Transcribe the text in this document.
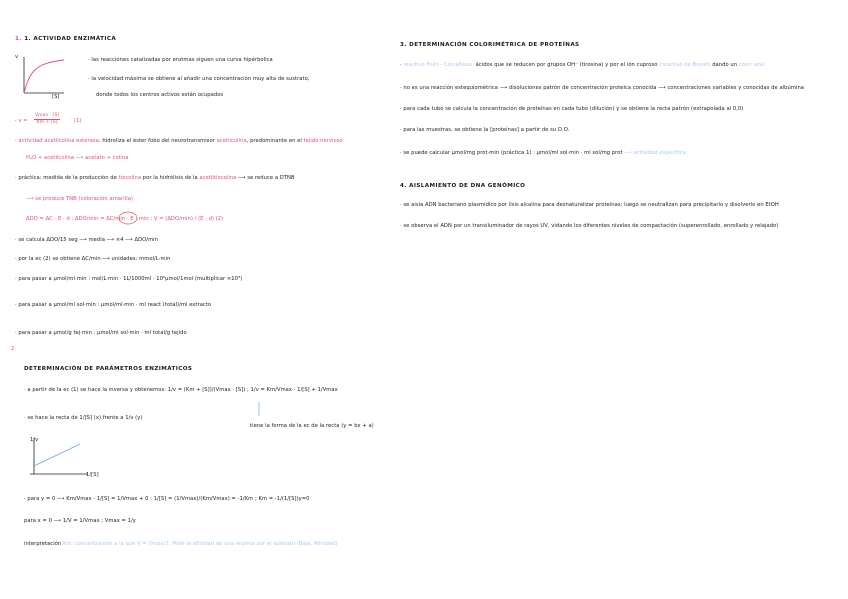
1. 1. ACTIVIDAD ENZIMÁTICA
v
[S]
· las reacciones catalizadas por enzimas siguen una curva hipérbolica
· la velocidad máxima se obtiene al añadir una concentración muy alta de sustrato,
donde todos los centros activos están ocupados
· v =
Vmax · [S]
Km + [S]	(1)
· actividad acetilcolina esterasa: hidroliza el éster fobo del neurotransmisor acetilcolina, predominante en el tejido nervioso
H₂O + acetilcolina ⟶ acetato + colina
· práctica: medida de la producción de tiocolina por la hidrólisis de la acetiltiocolina ⟶ se reduce a DTNB
⟶ se produce TNB (coloración amarilla)
ΔDO = ΔC · E · d ; ΔDO/min = ΔC/min · E · mín ; V = (ΔDO/min) / (E · d) (2)
· se calcula ΔDO/15 seg ⟶ media ⟶ ×4 ⟶ ΔDO/min
· por la ec (2) se obtiene ΔC/min ⟶ unidades: mmol/L·min
· para pasar a µmol/ml·min : mol/L·min · 1L/1000ml · 10⁶µmol/1mol (multiplicar ×10³)
· para pasar a µmol/ml sol·min : µmol/ml·min · ml react (total)/ml extracto
· para pasar a µmol/g tej·min : µmol/ml sol·min · ml total/g tejido
2.
DETERMINACIÓN DE PARÁMETROS ENZIMÁTICOS
· a partir de la ec (1) se hace la inversa y obtenemos: 1/v = (Km + [S])/(Vmax · [S]) ; 1/v = Km/Vmax · 1/[S] + 1/Vmax
tiene la forma de la ec de la recta (y = bx + a)
· se hace la recta de 1/[S] (x) frente a 1/v (y)
1/v
1/[S]
· para y = 0 ⟶ Km/Vmax · 1/[S] = 1/Vmax + 0 ; 1/[S] = (1/Vmax)/(Km/Vmax) = -1/Km ; Km = -1/(1/[S])y=0
para x = 0 ⟶ 1/V = 1/Vmax ; Vmax = 1/y
interpretación Km: concentración a la que V = Vmax/2. Mide la afinidad de una enzima por el sustrato (Baja, Afinidad)
3. DETERMINACIÓN COLORIMÉTRICA DE PROTEÍNAS
· reactivo Folin - Ciocalteau: ácidos que se reducen por grupos OH⁻ (tirosina) y por el ión cuproso (reactivo de Biuret) dando un color azul
· no es una reacción estequiométrica ⟶ disoluciones patrón de concentración proteica conocida ⟶ concentraciones variables y conocidas de albúmina
· para cada tubo se calcula la concentración de proteínas en cada tubo (dilución) y se obtiene la recta patrón (extrapolada al 0,0)
· para las muestras, se obtiene la [proteínas] a partir de su D.O.
· se puede calcular µmol/mg prot·min (práctica 1) : µmol/ml sol·min · ml sol/mg prot ⟶ actividad específica
4. AISLAMIENTO DE DNA GENÓMICO
· se aisla ADN bacteriano plasmídico por lisis alcalina para desnaturalizar proteínas; luego se neutralizan para precipitarlo y disolverlo en EtOH
· se observa el ADN por un transiluminador de rayos UV, vidando los diferentes niveles de compactación (superenrollado, enrollado y relajado)
